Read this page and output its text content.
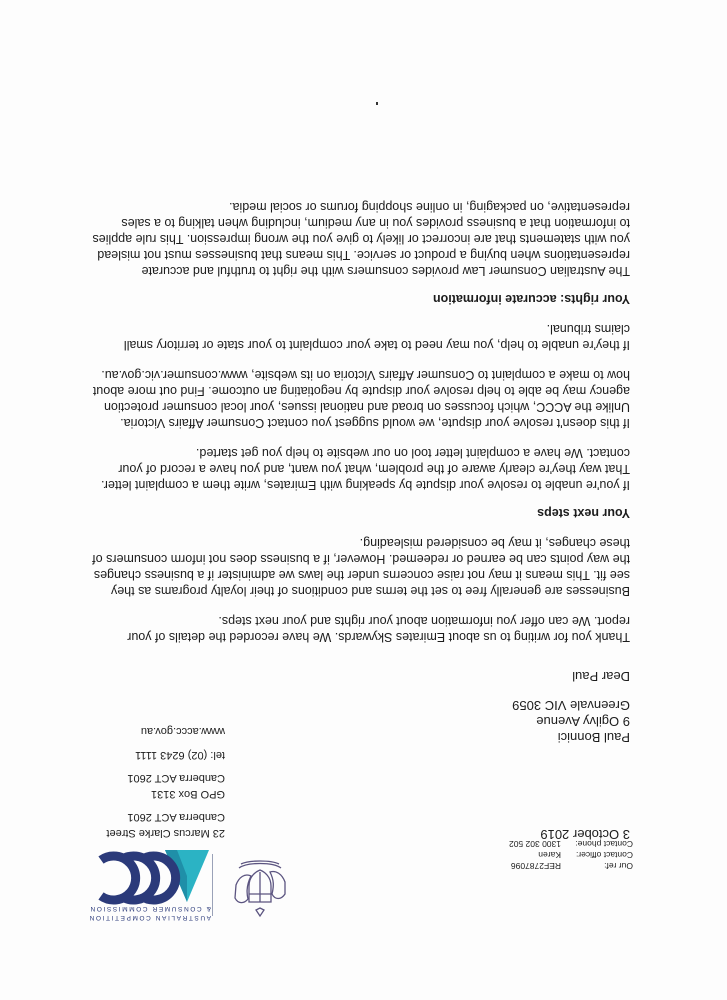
Our ref:
REF2787096
Contact officer:
Karen
Contact phone:
1300 302 502
AUSTRALIAN COMPETITION
& CONSUMER COMMISSION
23 Marcus Clarke Street
Canberra ACT 2601
GPO Box 3131
Canberra ACT 2601
tel: (02) 6243 1111
www.accc.gov.au
3 October 2019
Paul Bonnici
9 Ogilvy Avenue
Greenvale VIC 3059
Dear Paul

Thank you for writing to us about Emirates Skywards. We have recorded the details of your report. We can offer you information about your rights and your next steps.

Businesses are generally free to set the terms and conditions of their loyalty programs as they see fit. This means it may not raise concerns under the laws we administer if a business changes the way points can be earned or redeemed. However, if a business does not inform consumers of these changes, it may be considered misleading.

Your next steps

If you're unable to resolve your dispute by speaking with Emirates, write them a complaint letter. That way they're clearly aware of the problem, what you want, and you have a record of your contact. We have a complaint letter tool on our website to help you get started.

If this doesn't resolve your dispute, we would suggest you contact Consumer Affairs Victoria. Unlike the ACCC, which focusses on broad and national issues, your local consumer protection agency may be able to help resolve your dispute by negotiating an outcome. Find out more about how to make a complaint to Consumer Affairs Victoria on its website, www.consumer.vic.gov.au.

If they're unable to help, you may need to take your complaint to your state or territory small claims tribunal.

Your rights: accurate information

The Australian Consumer Law provides consumers with the right to truthful and accurate representations when buying a product or service. This means that businesses must not mislead you with statements that are incorrect or likely to give you the wrong impression. This rule applies to information that a business provides you in any medium, including when talking to a sales representative, on packaging, in online shopping forums or social media.
